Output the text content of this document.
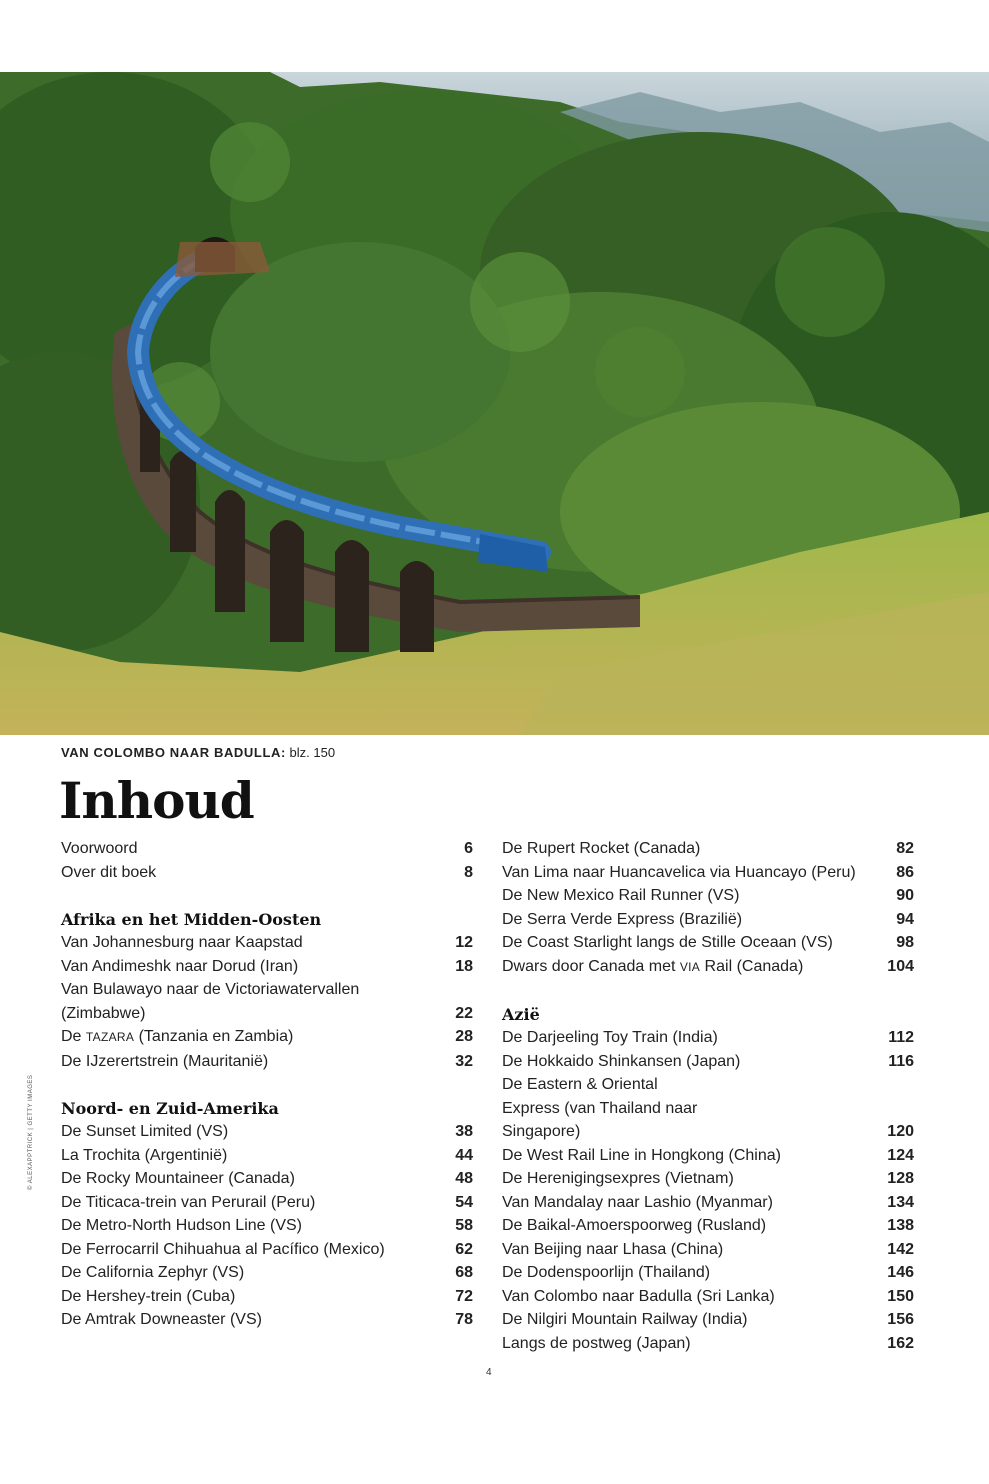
© ALEXAPPTRICK | GETTY IMAGES
VAN COLOMBO NAAR BADULLA: blz. 150
Inhoud
Voorwoord	6
Over dit boek	8
Afrika en het Midden-Oosten
Van Johannesburg naar Kaapstad	12
Van Andimeshk naar Dorud (Iran)	18
Van Bulawayo naar de Victoriawatervallen (Zimbabwe)	22
De TAZARA (Tanzania en Zambia)	28
De IJzerertstrein (Mauritanië)	32
Noord- en Zuid-Amerika
De Sunset Limited (VS)	38
La Trochita (Argentinië)	44
De Rocky Mountaineer (Canada)	48
De Titicaca-trein van Perurail (Peru)	54
De Metro-North Hudson Line (VS)	58
De Ferrocarril Chihuahua al Pacífico (Mexico)	62
De California Zephyr (VS)	68
De Hershey-trein (Cuba)	72
De Amtrak Downeaster (VS)	78
De Rupert Rocket (Canada)	82
Van Lima naar Huancavelica via Huancayo (Peru)	86
De New Mexico Rail Runner (VS)	90
De Serra Verde Express (Brazilië)	94
De Coast Starlight langs de Stille Oceaan (VS)	98
Dwars door Canada met VIA Rail (Canada)	104
Azië
De Darjeeling Toy Train (India)	112
De Hokkaido Shinkansen (Japan)	116
De Eastern & Oriental Express (van Thailand naar Singapore)	120
De West Rail Line in Hongkong (China)	124
De Herenigingsexpres (Vietnam)	128
Van Mandalay naar Lashio (Myanmar)	134
De Baikal-Amoerspoorweg (Rusland)	138
Van Beijing naar Lhasa (China)	142
De Dodenspoorlijn (Thailand)	146
Van Colombo naar Badulla (Sri Lanka)	150
De Nilgiri Mountain Railway (India)	156
Langs de postweg (Japan)	162
4
